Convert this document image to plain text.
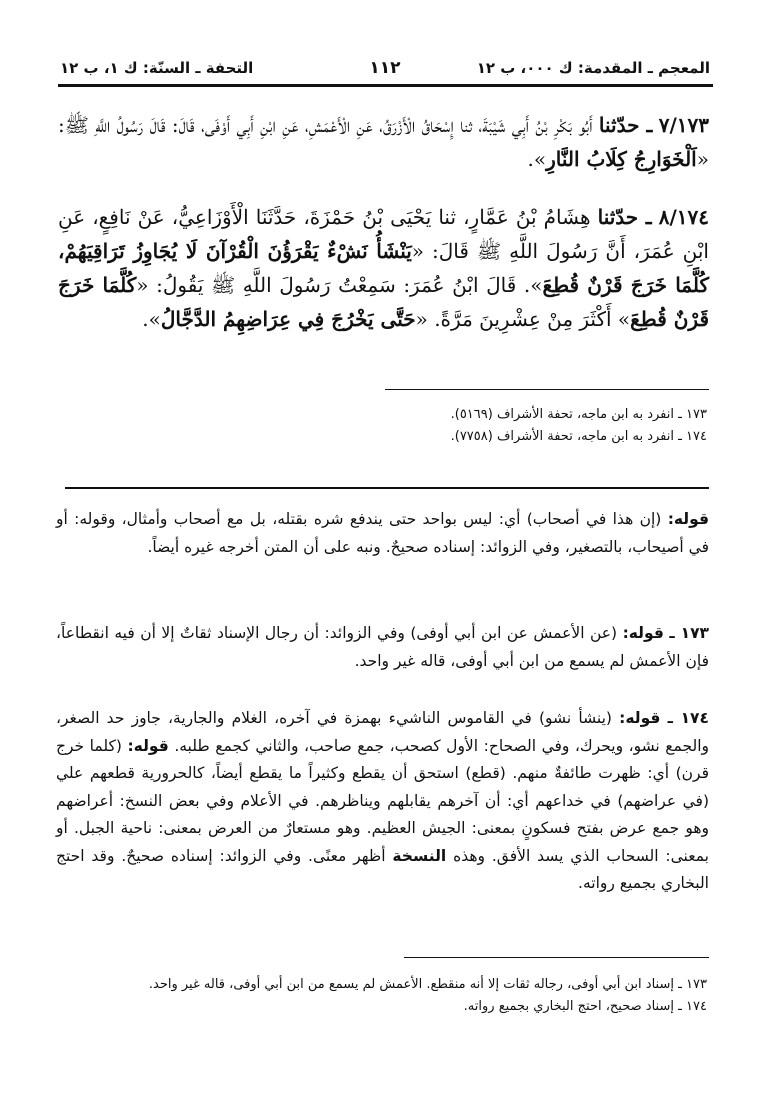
المعجم ـ المقدمة: ك ٠٠٠، ب ١٢
١١٢
التحفة ـ السنّة: ك ١، ب ١٢
٧/١٧٣ ـ حدّثنا أَبُو بَكْرِ بْنُ أَبِي شَيْبَةَ، ثنا إِسْحَاقُ الْأَزْرَقُ، عَنِ الْأَعْمَشِ، عَنِ ابْنِ أَبِي أَوْفَى، قَالَ: قَالَ رَسُولُ اللَّهِ ﷺ: «اَلْخَوَارِجُ كِلَابُ النَّارِ».
٨/١٧٤ ـ حدّثنا هِشَامُ بْنُ عَمَّارٍ، ثنا يَحْيَى بْنُ حَمْزَةَ، حَدَّثَنَا الْأَوْزَاعِيُّ، عَنْ نَافِعٍ، عَنِ ابْنِ عُمَرَ، أَنَّ رَسُولَ اللَّهِ ﷺ قَالَ: «يَنْشَأُ نَشْءٌ يَقْرَؤُنَ الْقُرْآنَ لَا يُجَاوِزُ تَرَاقِيَهُمْ، كُلَّمَا خَرَجَ قَرْنٌ قُطِعَ». قَالَ ابْنُ عُمَرَ: سَمِعْتُ رَسُولَ اللَّهِ ﷺ يَقُولُ: «كُلَّمَا خَرَجَ قَرْنٌ قُطِعَ» أَكْثَرَ مِنْ عِشْرِينَ مَرَّةً. «حَتَّى يَخْرُجَ فِي عِرَاضِهِمُ الدَّجَّالُ».
١٧٣ ـ انفرد به ابن ماجه، تحفة الأشراف (٥١٦٩).
١٧٤ ـ انفرد به ابن ماجه، تحفة الأشراف (٧٧٥٨).
قوله: (إن هذا في أصحاب) أي: ليس بواحد حتى يندفع شره بقتله، بل مع أصحاب وأمثال، وقوله: أو في أصيحاب، بالتصغير، وفي الزوائد: إسناده صحيحٌ. ونبه على أن المتن أخرجه غيره أيضاً.
١٧٣ ـ قوله: (عن الأعمش عن ابن أبي أوفى) وفي الزوائد: أن رجال الإسناد ثقاتٌ إلا أن فيه انقطاعاً، فإن الأعمش لم يسمع من ابن أبي أوفى، قاله غير واحد.
١٧٤ ـ قوله: (ينشأ نشو) في القاموس الناشيء بهمزة في آخره، الغلام والجارية، جاوز حد الصغر، والجمع نشو، ويحرك، وفي الصحاح: الأول كصحب، جمع صاحب، والثاني كجمع طلبه. قوله: (كلما خرج قرن) أي: ظهرت طائفةٌ منهم. (قطع) استحق أن يقطع وكثيراً ما يقطع أيضاً، كالحرورية قطعهم علي (في عراضهم) في خداعهم أي: أن آخرهم يقابلهم ويناظرهم. في الأعلام وفي بعض النسخ: أعراضهم وهو جمع عرض بفتح فسكونٍ بمعنى: الجيش العظيم. وهو مستعارٌ من العرض بمعنى: ناحية الجبل. أو بمعنى: السحاب الذي يسد الأفق. وهذه النسخة أظهر معنًى. وفي الزوائد: إسناده صحيحٌ. وقد احتج البخاري بجميع رواته.
١٧٣ ـ إسناد ابن أبي أوفى، رجاله ثقات إلا أنه منقطع. الأعمش لم يسمع من ابن أبي أوفى، قاله غير واحد.
١٧٤ ـ إسناد صحيح، احتج البخاري بجميع رواته.
